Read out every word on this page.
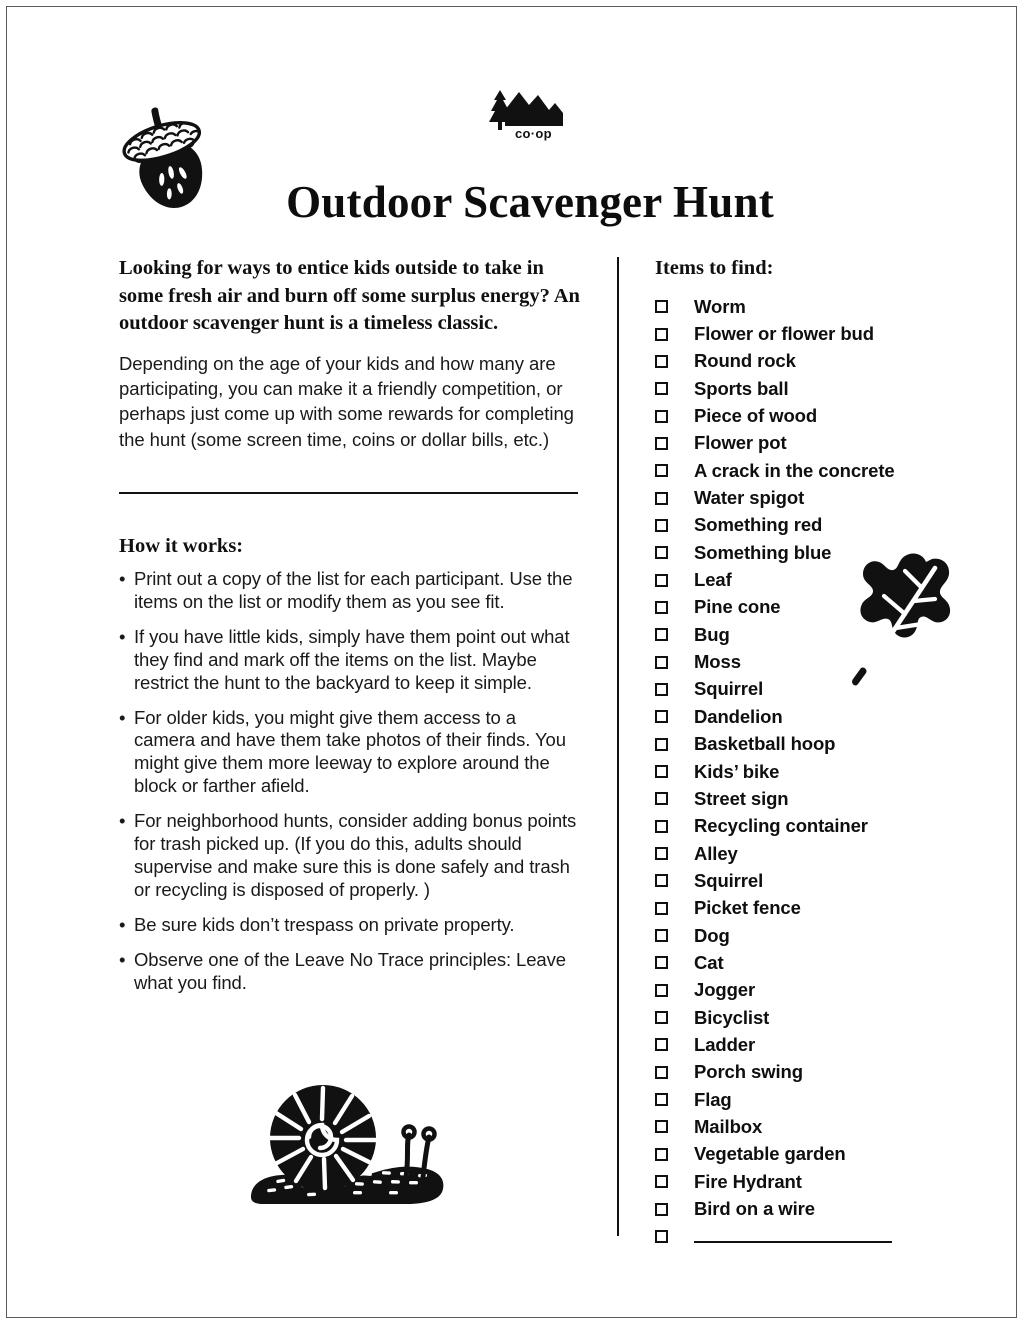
REI
co·op
Outdoor Scavenger Hunt

Looking for ways to entice kids outside to take in some fresh air and burn off some surplus energy? An outdoor scavenger hunt is a timeless classic.

Depending on the age of your kids and how many are participating, you can make it a friendly competition, or perhaps just come up with some rewards for completing the hunt (some screen time, coins or dollar bills, etc.)

How it works:
• Print out a copy of the list for each participant. Use the items on the list or modify them as you see fit.
• If you have little kids, simply have them point out what they find and mark off the items on the list. Maybe restrict the hunt to the backyard to keep it simple.
• For older kids, you might give them access to a camera and have them take photos of their finds. You might give them more leeway to explore around the block or farther afield.
• For neighborhood hunts, consider adding bonus points for trash picked up. (If you do this, adults should supervise and make sure this is done safely and trash or recycling is disposed of properly. )
• Be sure kids don’t trespass on private property.
• Observe one of the Leave No Trace principles: Leave what you find.
Items to find:
Worm
Flower or flower bud
Round rock
Sports ball
Piece of wood
Flower pot
A crack in the concrete
Water spigot
Something red
Something blue
Leaf
Pine cone
Bug
Moss
Squirrel
Dandelion
Basketball hoop
Kids’ bike
Street sign
Recycling container
Alley
Squirrel
Picket fence
Dog
Cat
Jogger
Bicyclist
Ladder
Porch swing
Flag
Mailbox
Vegetable garden
Fire Hydrant
Bird on a wire
